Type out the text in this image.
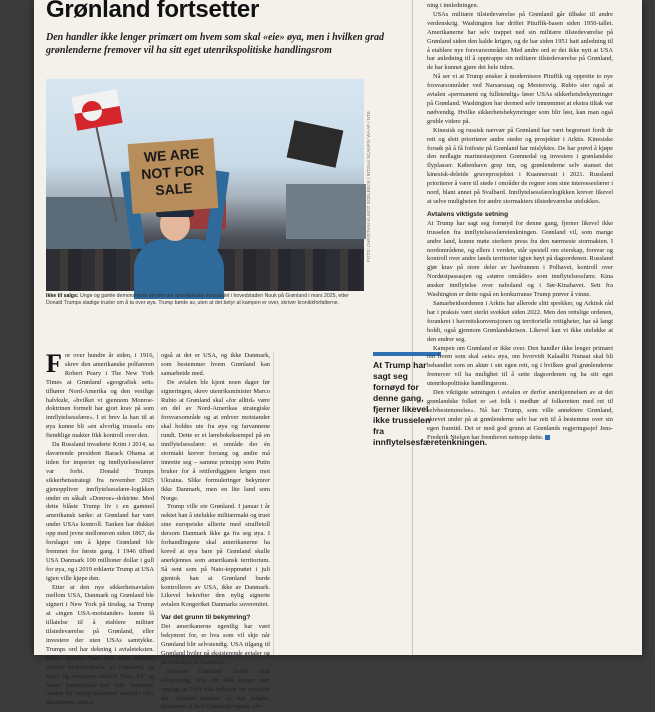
Grønland fortsetter
Den handler ikke lenger primært om hvem som skal «eie» øya, men i hvilken grad grønlenderne fremover vil ha sitt eget utenrikspolitiske handlingsrom
WE ARE NOT FOR SALE	FOTO: CHRISTIAN KLINDT SOELBECK / RITZAU SCANPIX VIA AP / NTB
Ikke til salgs: Unge og gamle demonstrerte utenfor det amerikanske konsulatet i hovedstaden Nuuk på Grønland i mars 2025, etter Donald Trumps stadige trusler om å ta over øya. Trump børde av, uten at det betyr at kampen er over, skriver kronikkforfatterne.

For over hundre år siden, i 1916, skrev den amerikanske polfareren Robert Peary i The New York Times at Grønland «geografisk sett» tilhører Nord-Amerika og den vestlige halvkule, «hvilket vi gjennom Monroe-doktrinen formelt har gjort krav på som innflytelsessfære». I et brev la han til at øya kunne bli «en alvorlig trussel» om fiendtlige makter fikk kontroll over den.

Da Russland invaderte Krim i 2014, sa daværende president Barack Obama at tiden for imperier og innflytelsessfærer var forbi. Donald Trumps sikkerhetsstrategi fra november 2025 gjenoppliver innflytelsessfære-logikken under en såkalt «Donroe»-doktrine. Med dette blåste Trump liv i en gammel amerikansk tanke: at Grønland har vært under USAs kontroll. Tanken har dukket opp med jevne mellomrom siden 1867, da forslaget om å kjøpe Grønland ble fremmet for første gang. I 1946 tilbød USA Danmark 100 millioner dollar i gull for øya, og i 2019 erklærte Trump at USA igjen ville kjøpe den.

Etter at den nye sikkerhetsavtalen mellom USA, Danmark og Grønland ble signert i New York på tirsdag, sa Trump at «ingen USA-motstander» kunne få tillatelse til å etablere militær tilstedeværelse på Grønland, eller investere der uten USAs samtykke. Trumps ord har dekning i avtaleteksten. Staten utenfor Nato kan ikke etablere militær tilstedeværelse på Grønland, og stater og investorer utenfor Nato, EU og Natos partnerland kan ikke investere «inden for særlig følsomme sektorer eller aktiviteter» uten at

også at det er USA, og ikke Danmark, som bestemmer hvem Grønland kan samarbeide med.

De avtalen ble kjent noen dager før signeringen, skrev utenriksminister Marco Rubio at Grønland skal «for alltid» være en del av Nord-Amerikas strategiske forsvarsområde og at enhver motstander skal holdes ute fra øya og farvannene rundt. Dette er et lærebokeksempel på en innflytelsessfære: et område der én stormakt krever forrang og andre må innrette seg – samme prinsipp som Putin bruker for å rettferdiggjøre krigen mot Ukraina. Slike formuleringer bekymrer ikke Danmark, men en lite land som Norge.

Trump ville eie Grønland. I januar i år nektet han å utelukke militærmakt og truet sine europeiske allierte med straffetoll dersom Danmark ikke ga fra seg øya. I forhandlingene skal amerikanerne ha krevd at øya bare på Grønland skulle anerkjennes som amerikansk territorium. Så sent som på Nato-toppmøtet i juli gjentok han at Grønland burde kontrolleres av USA, ikke av Danmark. Likevel bekrefter den nylig signerte avtalen Kongeriket Danmarks suverenitet.

Var det grunn til bekymring?

Det amerikanerne egentlig har vært bekymret for, er hva som vil skje når Grønland blir selvstendig. USA tilgang til Grønland hviler på eksisterende avtaler og på forholdet til Danmark.

Dersom Grønland hadde blitt selvstendig, ville det ikke lenger vært opplagt at USA fikk beholde sin posisjon der. Avtalen landene nå har inngått, innebærer at hvis Grønland oppnår selv-

At Trump har sagt seg fornøyd for denne gang, fjerner likevel ikke trusselen fra innflytelsesfæretenkningen.

ning i innledningen.

USAs militære tilstedeværelse på Grønland går tilbake til andre verdenskrig. Washington har driftet Pituffik-basen siden 1950-tallet. Amerikanerne har selv trappet ned sin militære tilstedeværelse på Grønland siden den kalde krigen, og de har siden 1951 hatt anledning til å etablere nye forsvarsområder. Med andre ord er det ikke nytt at USA har anledning til å opptrappe sin militære tilstedeværelse på Grønland, de har kunnet gjøre det hele tiden.

Nå ser vi at Trump ønsker å modernisere Pituffik og opprette to nye forsvarsområder ved Narsarsuaq og Mestersvig. Rubio sier også at avtalen «permanent og fullstendig» løser USAs sikkerhetsbekymringer på Grønland. Washington har dermed selv innrømmet at ekstra tiltak var nødvendig. Hvilke sikkerhetsbekymringer som blir løst, kan man også gruble videre på.

Kinesisk og russisk nærvær på Grønland har vært begrenset fordi de rett og slett prioriterer andre steder og prosjekter i Arktis. Kinesiske forsøk på å få fotfeste på Grønland har mislyktes. De har prøvd å kjøpe den nedlagte marinestasjonen Grønnedal og investere i grønlandske flyplasser. København grep inn, og grønlenderne selv stanset det kinesisk-deleide gruveprosjektet i Kuannersuit i 2021. Russland prioriterer å være til stede i områder de regner som sine interessesfærer i nord, blant annet på Svalbard. Innflytelsessfærelogikken krever likevel at selve muligheten for andre stormakters tilstedeværelse utelukkes.

Avtalens viktigste setning

At Trump har sagt seg fornøyd for denne gang, fjerner likevel ikke trusselen fra innflytelsessfæretenkningen. Grønland vil, som mange andre land, kunne møte sterkere press fra den nærmeste stormakten. I nordområdene, og ellers i verden, står spesiell om eierskap, forsvar og kontroll over andre lands territorier igjen høyt på dagsordenen. Russland gjør krav på store deler av havbunnen i Polhavet, kontroll over Nordøstpassasjen og «større områder» som innflytelsessfære. Kina ønsker innflytelse over naboland og i Sør-Kinahavet. Sett fra Washington er dette også en konkurranse Trump prøver å vinne.

Samarbeidsordenen i Arktis har allerede slitt sprekker, og Arktisk råd har i praksis vært sterkt svekket siden 2022. Men den rettslige ordenen, forankret i havrettskonvensjonen og territorielle rettigheter, har så langt holdt, også gjennom Grønlandskrisen. Likevel kan vi ikke utelukke at den endrer seg.

Kampen om Grønland er ikke over. Den handler ikke lenger primært om hvem som skal «eie» øya, om hvorvidt Kalaallit Nunaat skal bli behandlet som en aktør i sin egen rett, og i hvilken grad grønlenderne fremover vil ha mulighet til å sette dagsordenen og ha sitt eget utenrikspolitiske handlingsrom.

Den viktigste setningen i avtalen er derfor anerkjennelsen av at det grønlandske folket er «et folk i medhør af folkeretten med ret til selvbestemmelse». Nå har Trump, som ville annektere Grønland, skrevet under på at grønlenderne selv har rett til å bestemme over sin egen framtid. Det er med god grunn at Grønlands regjeringssjef Jens-Frederik Nielsen har fremhevet nettopp dette.
